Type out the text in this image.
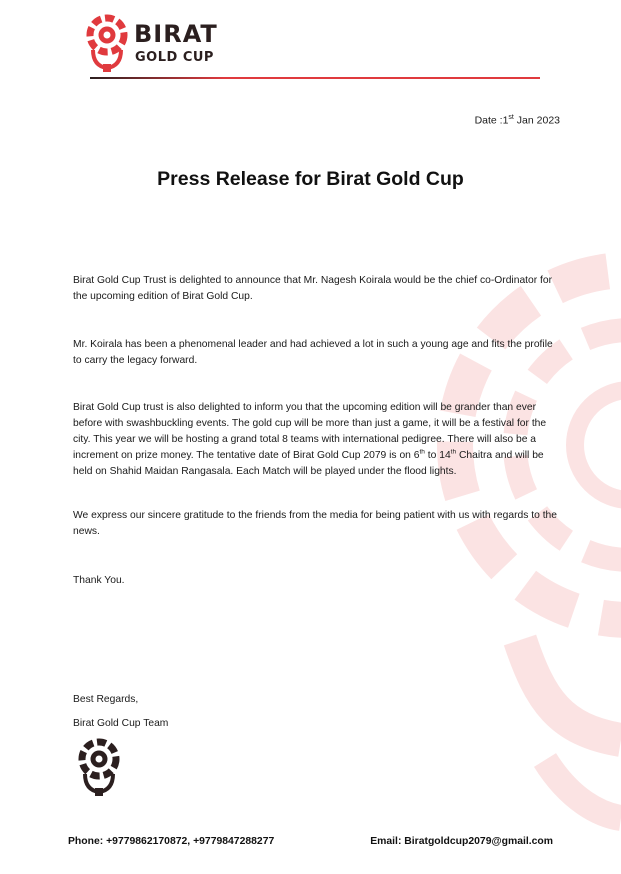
BIRAT

GOLD CUP

Date :1st Jan 2023
Press Release for Birat Gold Cup

Birat Gold Cup Trust is delighted to announce that Mr. Nagesh Koirala would be the chief co-Ordinator for the upcoming edition of Birat Gold Cup.

Mr. Koirala has been a phenomenal leader and had achieved a lot in such a young age and fits the profile to carry the legacy forward.

Birat Gold Cup trust is also delighted to inform you that the upcoming edition will be grander than ever before with swashbuckling events. The gold cup will be more than just a game, it will be a festival for the city. This year we will be hosting a grand total 8 teams with international pedigree. There will also be a increment on prize money. The tentative date of Birat Gold Cup 2079 is on 6th to 14th Chaitra and will be held on Shahid Maidan Rangasala. Each Match will be played under the flood lights.

We express our sincere gratitude to the friends from the media for being patient with us with regards to the news.

Thank You.

Best Regards,

Birat Gold Cup Team

Phone: +9779862170872, +9779847288277	Email: Biratgoldcup2079@gmail.com
